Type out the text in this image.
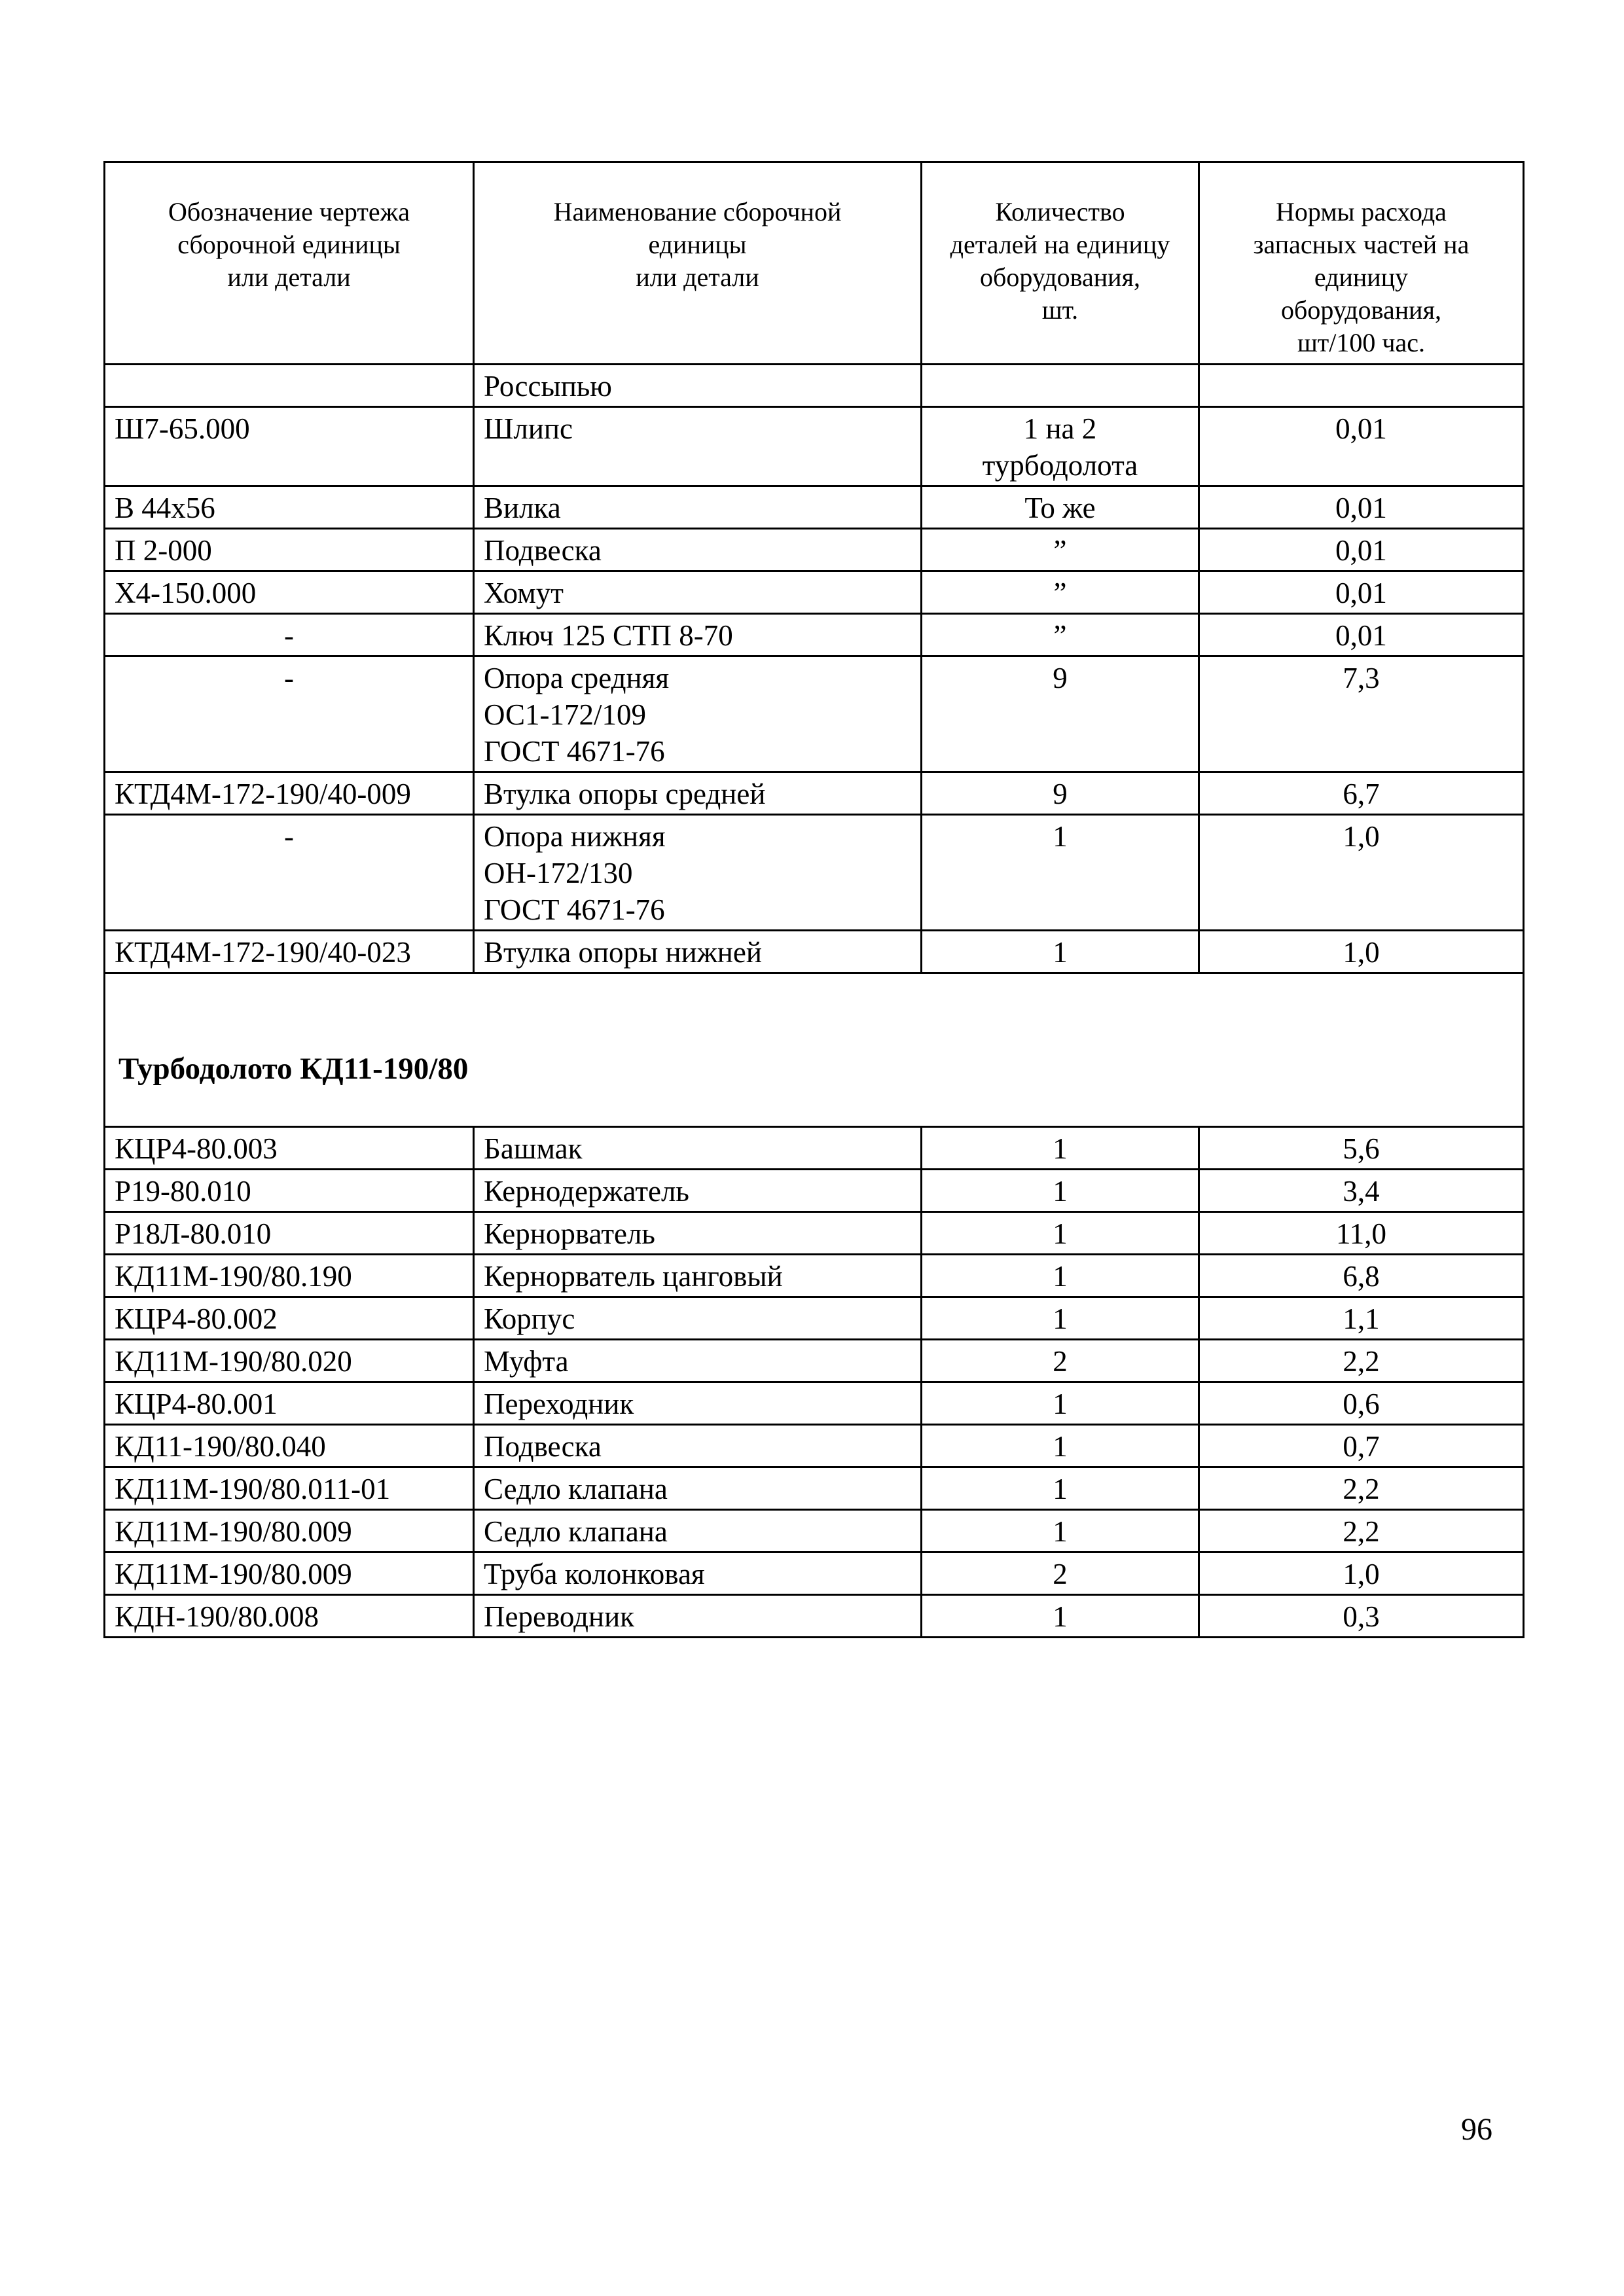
Обозначение чертежа
сборочной единицы
или детали	Наименование сборочной
единицы
или детали	Количество
деталей на единицу
оборудования,
шт.	Нормы расхода
запасных частей на
единицу
оборудования,
шт/100 час.

	Россыпью		

Ш7-65.000	Шлипс	1 на 2
турбодолота	0,01

В 44х56	Вилка	То же	0,01

П 2-000	Подвеска	”	0,01

Х4-150.000	Хомут	”	0,01

-	Ключ 125 СТП 8-70	”	0,01

-	Опора средняя
ОС1-172/109
ГОСТ 4671-76	9	7,3

КТД4М-172-190/40-009	Втулка опоры средней	9	6,7

-	Опора нижняя
ОН-172/130
ГОСТ 4671-76	1	1,0

КТД4М-172-190/40-023	Втулка опоры нижней	1	1,0

Турбодолото КД11-190/80			
КЦР4-80.003	Башмак	1	5,6
Р19-80.010	Кернодержатель	1	3,4
Р18Л-80.010	Кернорватель	1	11,0
КД11М-190/80.190	Кернорватель цанговый	1	6,8
КЦР4-80.002	Корпус	1	1,1
КД11М-190/80.020	Муфта	2	2,2
КЦР4-80.001	Переходник	1	0,6
КД11-190/80.040	Подвеска	1	0,7
КД11М-190/80.011-01	Седло клапана	1	2,2
КД11М-190/80.009	Седло клапана	1	2,2
КД11М-190/80.009	Труба колонковая	2	1,0
КДН-190/80.008	Переводник	1	0,3
96
